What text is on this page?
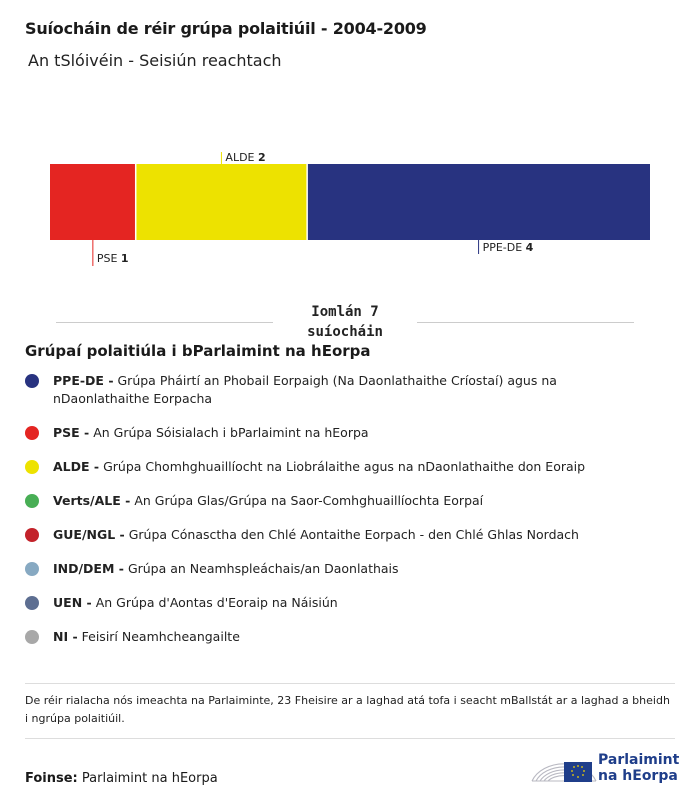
Suíocháin de réir grúpa polaitiúil - 2004-2009
An tSlóivéin - Seisiún reachtach
PSE 1
ALDE 2
PPE-DE 4
Iomlán 7
suíocháin
Grúpaí polaitiúla i bParlaimint na hEorpa
PPE-DE - Grúpa Pháirtí an Phobail Eorpaigh (Na Daonlathaithe Críostaí) agus na nDaonlathaithe Eorpacha
PSE - An Grúpa Sóisialach i bParlaimint na hEorpa
ALDE - Grúpa Chomhghuaillíocht na Liobrálaithe agus na nDaonlathaithe don Eoraip
Verts/ALE - An Grúpa Glas/Grúpa na Saor-Comhghuaillíochta Eorpaí
GUE/NGL - Grúpa Cónasctha den Chlé Aontaithe Eorpach - den Chlé Ghlas Nordach
IND/DEM - Grúpa an Neamhspleáchais/an Daonlathais
UEN - An Grúpa d'Aontas d'Eoraip na Náisiún
NI - Feisirí Neamhcheangailte
De réir rialacha nós imeachta na Parlaiminte, 23 Fheisire ar a laghad atá tofa i seacht mBallstát ar a laghad a bheidh i ngrúpa polaitiúil.
Foinse: Parlaimint na hEorpa
Parlaimint
na hEorpa
